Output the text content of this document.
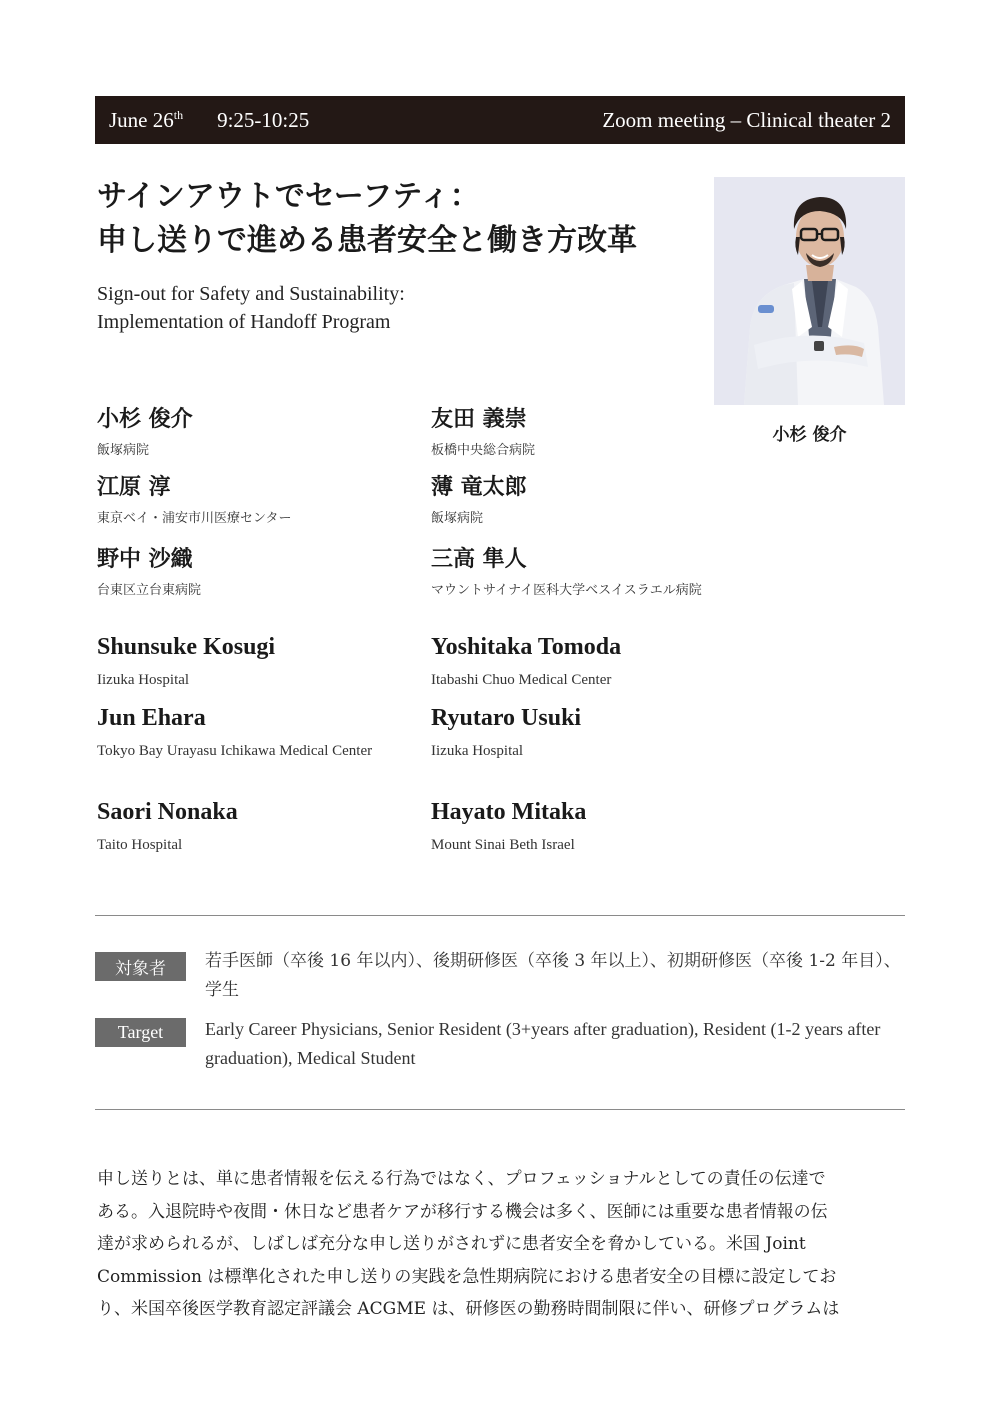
June 26th 9:25-10:25	Zoom meeting – Clinical theater 2
サインアウトでセーフティ：
申し送りで進める患者安全と働き方改革
Sign-out for Safety and Sustainability:
Implementation of Handoff Program
小杉 俊介
小杉 俊介
飯塚病院
友田 義崇
板橋中央総合病院
江原 淳
東京ベイ・浦安市川医療センター
薄 竜太郎
飯塚病院
野中 沙織
台東区立台東病院
三高 隼人
マウントサイナイ医科大学ベスイスラエル病院
Shunsuke Kosugi
Iizuka Hospital
Yoshitaka Tomoda
Itabashi Chuo Medical Center
Jun Ehara
Tokyo Bay Urayasu Ichikawa Medical Center
Ryutaro Usuki
Iizuka Hospital
Saori Nonaka
Taito Hospital
Hayato Mitaka
Mount Sinai Beth Israel
対象者	若手医師（卒後 16 年以内）、後期研修医（卒後 3 年以上）、初期研修医（卒後 1-2 年目）、学生
Target	Early Career Physicians, Senior Resident (3+years after graduation), Resident (1-2 years after graduation), Medical Student
申し送りとは、単に患者情報を伝える行為ではなく、プロフェッショナルとしての責任の伝達で
ある。入退院時や夜間・休日など患者ケアが移行する機会は多く、医師には重要な患者情報の伝
達が求められるが、しばしば充分な申し送りがされずに患者安全を脅かしている。米国 Joint
Commission は標準化された申し送りの実践を急性期病院における患者安全の目標に設定してお
り、米国卒後医学教育認定評議会 ACGME は、研修医の勤務時間制限に伴い、研修プログラムは
